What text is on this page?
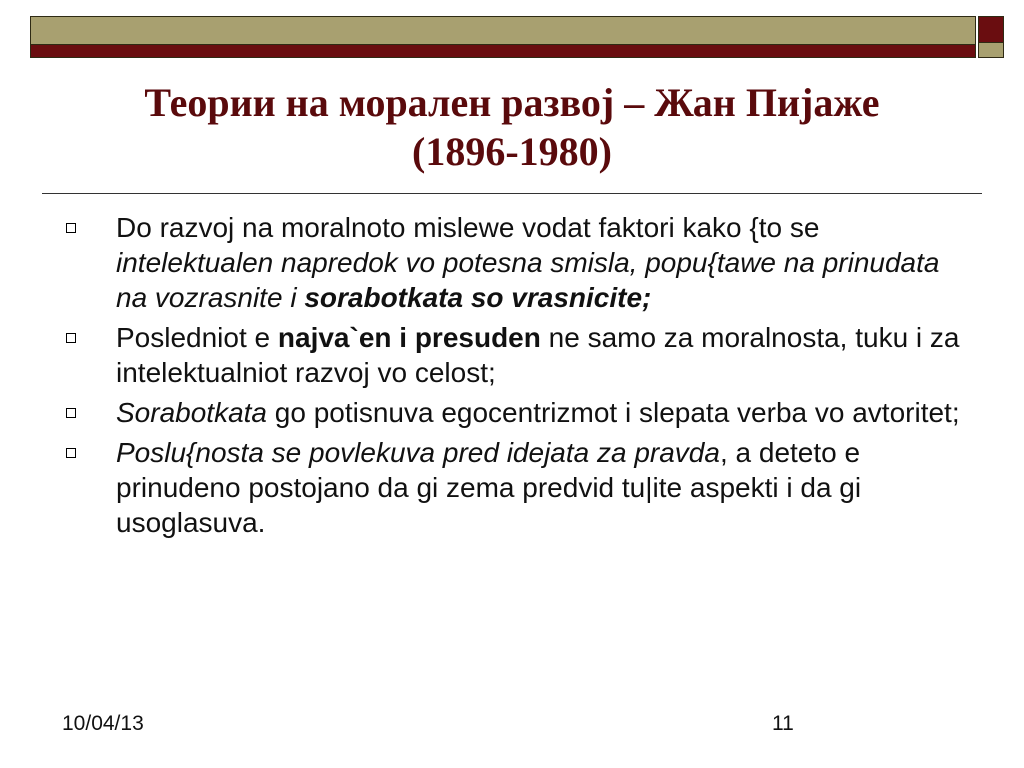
Теории на морален развој – Жан Пијаже
(1896-1980)
Do razvoj na moralnoto mislewe vodat faktori kako {to se intelektualen napredok vo potesna smisla, popu{tawe na prinudata na vozrasnite i sorabotkata so vrasnicite;
Posledniot e najva`en i presuden ne samo za moralnosta, tuku i za intelektualniot razvoj vo celost;
Sorabotkata go potisnuva egocentrizmot i slepata verba vo avtoritet;
Poslu{nosta se povlekuva pred idejata za pravda, a deteto e prinudeno postojano da gi zema predvid tu|ite aspekti i da gi usoglasuva.
10/04/13	11
